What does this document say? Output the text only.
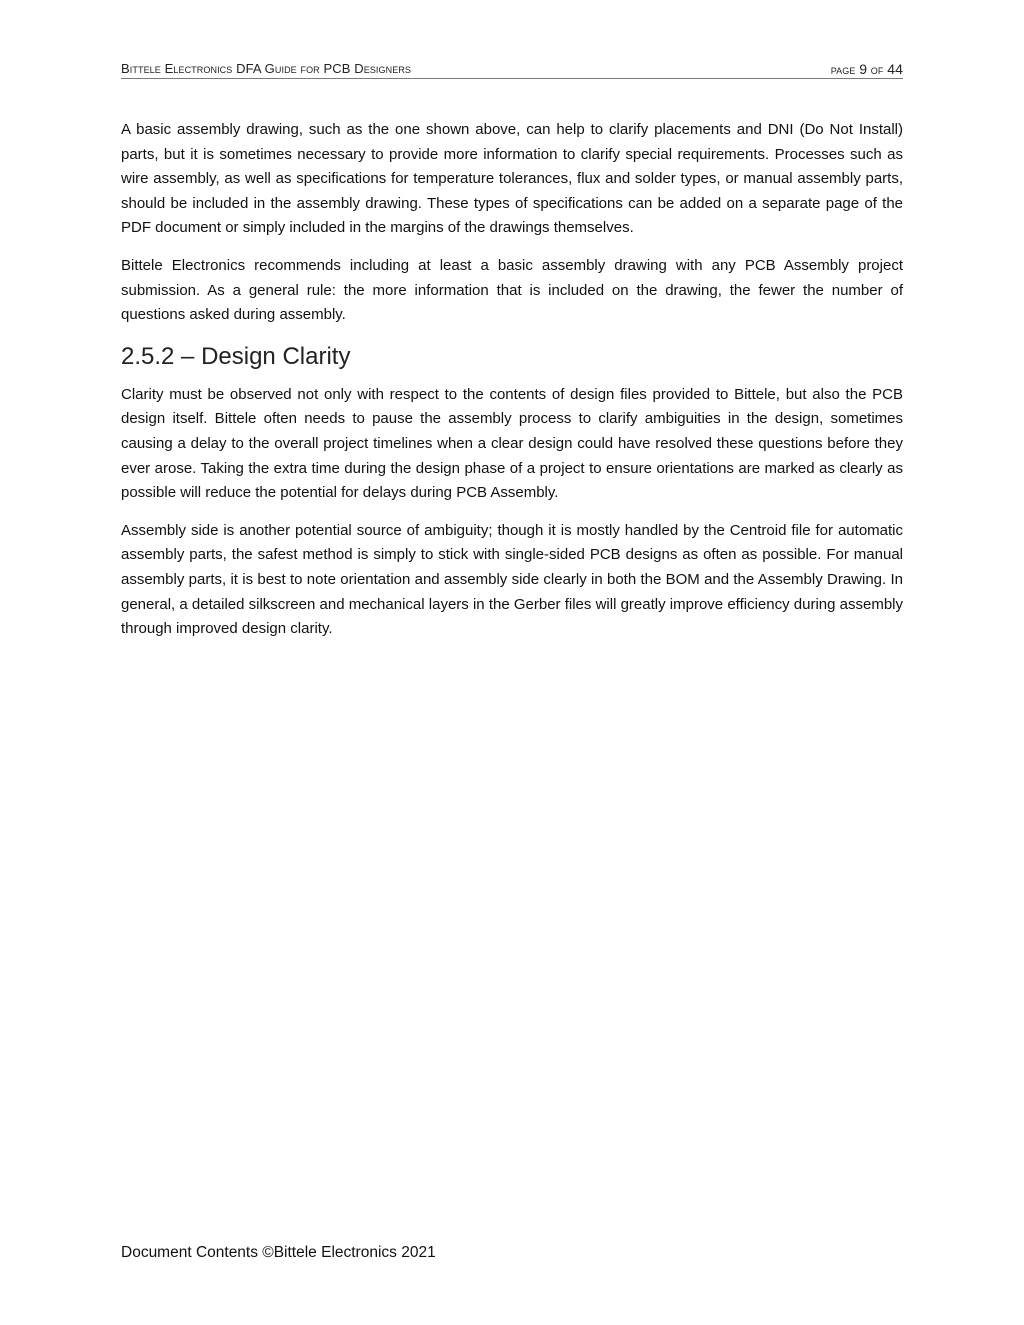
Bittele Electronics DFA Guide for PCB Designers	page 9 of 44

A basic assembly drawing, such as the one shown above, can help to clarify placements and DNI (Do Not Install) parts, but it is sometimes necessary to provide more information to clarify special requirements. Processes such as wire assembly, as well as specifications for temperature tolerances, flux and solder types, or manual assembly parts, should be included in the assembly drawing. These types of specifications can be added on a separate page of the PDF document or simply included in the margins of the drawings themselves.

Bittele Electronics recommends including at least a basic assembly drawing with any PCB Assembly project submission. As a general rule: the more information that is included on the drawing, the fewer the number of questions asked during assembly.

2.5.2 – Design Clarity

Clarity must be observed not only with respect to the contents of design files provided to Bittele, but also the PCB design itself. Bittele often needs to pause the assembly process to clarify ambiguities in the design, sometimes causing a delay to the overall project timelines when a clear design could have resolved these questions before they ever arose. Taking the extra time during the design phase of a project to ensure orientations are marked as clearly as possible will reduce the potential for delays during PCB Assembly.

Assembly side is another potential source of ambiguity; though it is mostly handled by the Centroid file for automatic assembly parts, the safest method is simply to stick with single-sided PCB designs as often as possible. For manual assembly parts, it is best to note orientation and assembly side clearly in both the BOM and the Assembly Drawing. In general, a detailed silkscreen and mechanical layers in the Gerber files will greatly improve efficiency during assembly through improved design clarity.

Document Contents ©Bittele Electronics 2021
